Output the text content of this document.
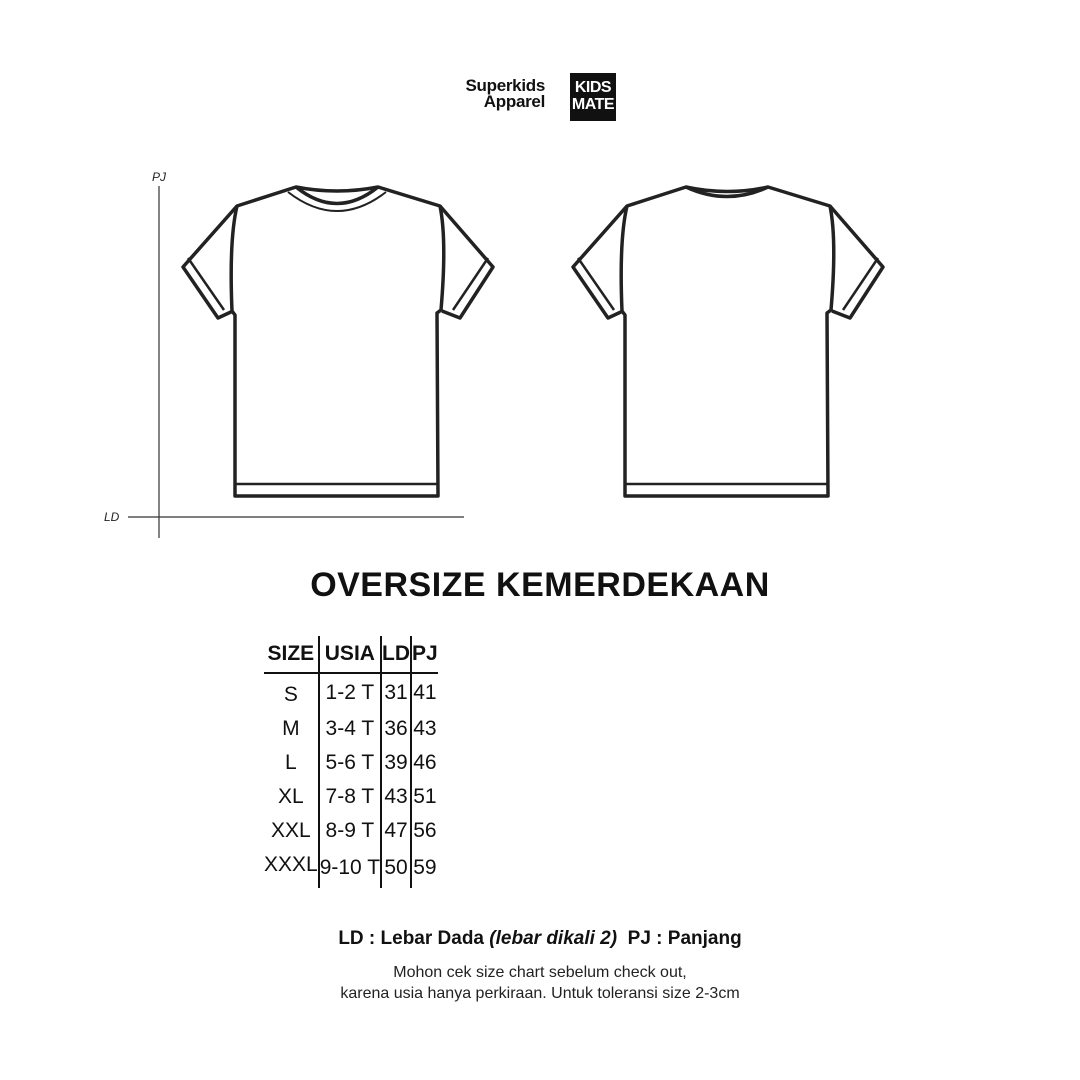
Superkids
Apparel
KIDS
MATE
PJ
LD
OVERSIZE KEMERDEKAAN
SIZE	USIA	LD	PJ
S	1-2 T	31	41
M	3-4 T	36	43
L	5-6 T	39	46
XL	7-8 T	43	51
XXL	8-9 T	47	56
XXXL	9-10 T	50	59
LD : Lebar Dada (lebar dikali 2) PJ : Panjang
Mohon cek size chart sebelum check out,
karena usia hanya perkiraan. Untuk toleransi size 2-3cm
